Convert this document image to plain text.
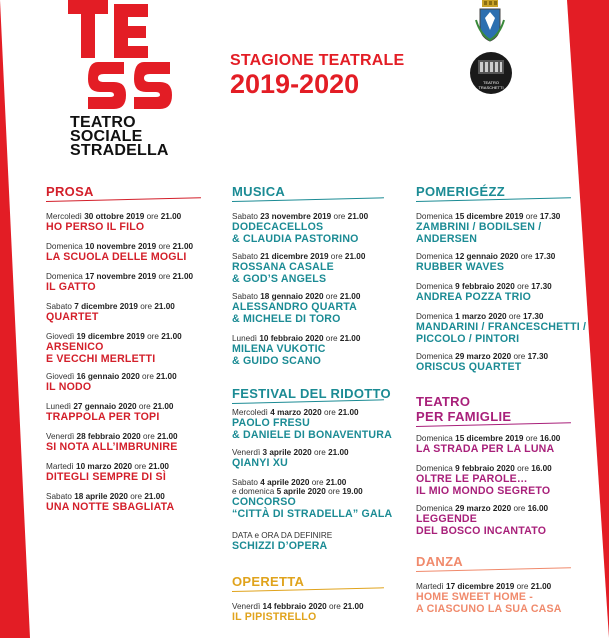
TEATRO
SOCIALE
STRADELLA
STAGIONE TEATRALE
2019-2020	TEATRO TRASCHETTI
PROSA
Mercoledì 30 ottobre 2019 ore 21.00
HO PERSO IL FILO
Domenica 10 novembre 2019 ore 21.00
LA SCUOLA DELLE MOGLI
Domenica 17 novembre 2019 ore 21.00
IL GATTO
Sabato 7 dicembre 2019 ore 21.00
QUARTET
Giovedì 19 dicembre 2019 ore 21.00
ARSENICO
E VECCHI MERLETTI
Giovedì 16 gennaio 2020 ore 21.00
IL NODO
Lunedì 27 gennaio 2020 ore 21.00
TRAPPOLA PER TOPI
Venerdì 28 febbraio 2020 ore 21.00
SI NOTA ALL’IMBRUNIRE
Martedì 10 marzo 2020 ore 21.00
DITEGLI SEMPRE DI SÌ
Sabato 18 aprile 2020 ore 21.00
UNA NOTTE SBAGLIATA
MUSICA
Sabato 23 novembre 2019 ore 21.00
DODECACELLOS
& CLAUDIA PASTORINO
Sabato 21 dicembre 2019 ore 21.00
ROSSANA CASALE
& GOD’S ANGELS
Sabato 18 gennaio 2020 ore 21.00
ALESSANDRO QUARTA
& MICHELE DI TORO
Lunedì 10 febbraio 2020 ore 21.00
MILENA VUKOTIC
& GUIDO SCANO
FESTIVAL DEL RIDOTTO
Mercoledì 4 marzo 2020 ore 21.00
PAOLO FRESU
& DANIELE DI BONAVENTURA
Venerdì 3 aprile 2020 ore 21.00
QIANYI XU
Sabato 4 aprile 2020 ore 21.00
e domenica 5 aprile 2020 ore 19.00
CONCORSO
“CITTÀ DI STRADELLA” GALA
DATA e ORA DA DEFINIRE
SCHIZZI D’OPERA
OPERETTA
Venerdì 14 febbraio 2020 ore 21.00
IL PIPISTRELLO
POMERIGÉZZ
Domenica 15 dicembre 2019 ore 17.30
ZAMBRINI / BODILSEN /
ANDERSEN
Domenica 12 gennaio 2020 ore 17.30
RUBBER WAVES
Domenica 9 febbraio 2020 ore 17.30
ANDREA POZZA TRIO
Domenica 1 marzo 2020 ore 17.30
MANDARINI / FRANCESCHETTI /
PICCOLO / PINTORI
Domenica 29 marzo 2020 ore 17.30
ORISCUS QUARTET
TEATRO
PER FAMIGLIE
Domenica 15 dicembre 2019 ore 16.00
LA STRADA PER LA LUNA
Domenica 9 febbraio 2020 ore 16.00
OLTRE LE PAROLE…
IL MIO MONDO SEGRETO
Domenica 29 marzo 2020 ore 16.00
LEGGENDE
DEL BOSCO INCANTATO
DANZA
Martedì 17 dicembre 2019 ore 21.00
HOME SWEET HOME -
A CIASCUNO LA SUA CASA
